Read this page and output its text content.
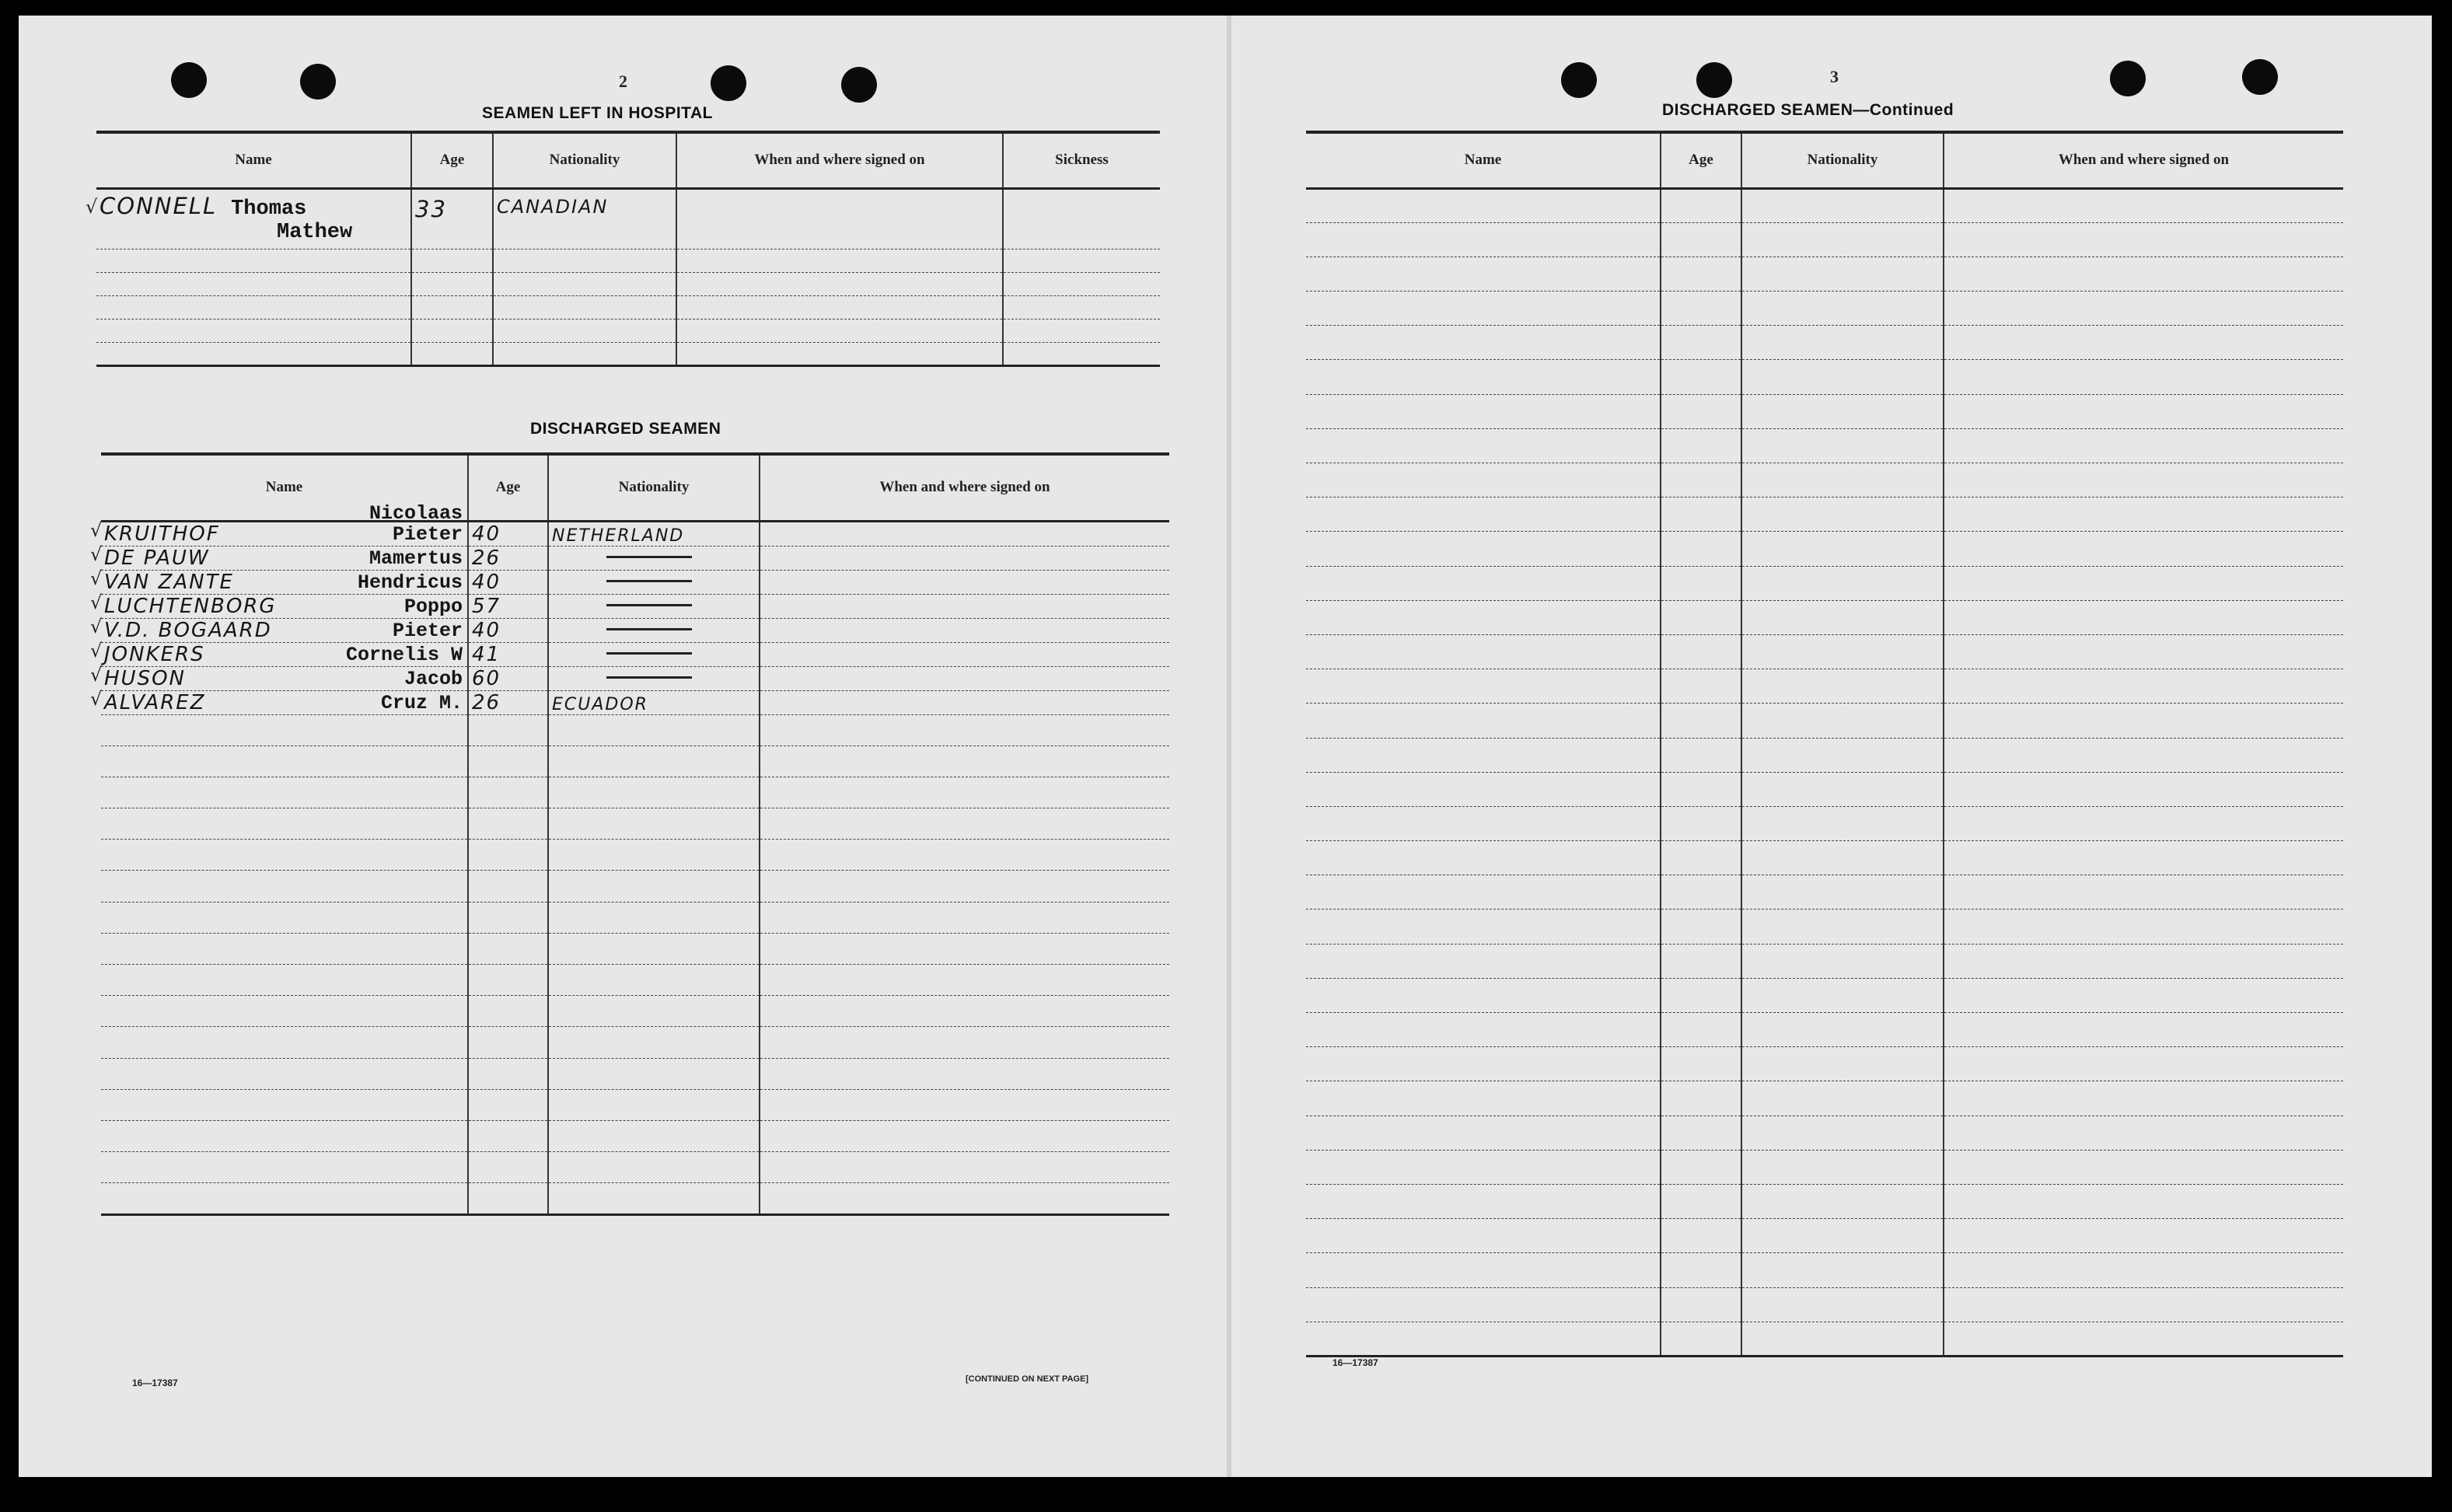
2
SEAMEN LEFT IN HOSPITAL
Name	Age	Nationality	When and where signed on	Sickness

√ CONNELL Thomas
Mathew	33	CANADIAN		

DISCHARGED SEAMEN
Name	Age	Nationality	When and where signed on

√ KRUITHOF Pieter
Nicolaas	40	NETHERLAND	

√ DE PAUW Mamertus	26		

√ VAN ZANTE Hendricus	40		

√ LUCHTENBORG Poppo	57		

√ V.D. BOGAARD Pieter	40		

√ JONKERS Cornelis W	41		

√ HUSON Jacob	60		

√ ALVAREZ Cruz M.	26	ECUADOR	

16—17387	[CONTINUED ON NEXT PAGE]
3
DISCHARGED SEAMEN—Continued
Name	Age	Nationality	When and where signed on

16—17387
